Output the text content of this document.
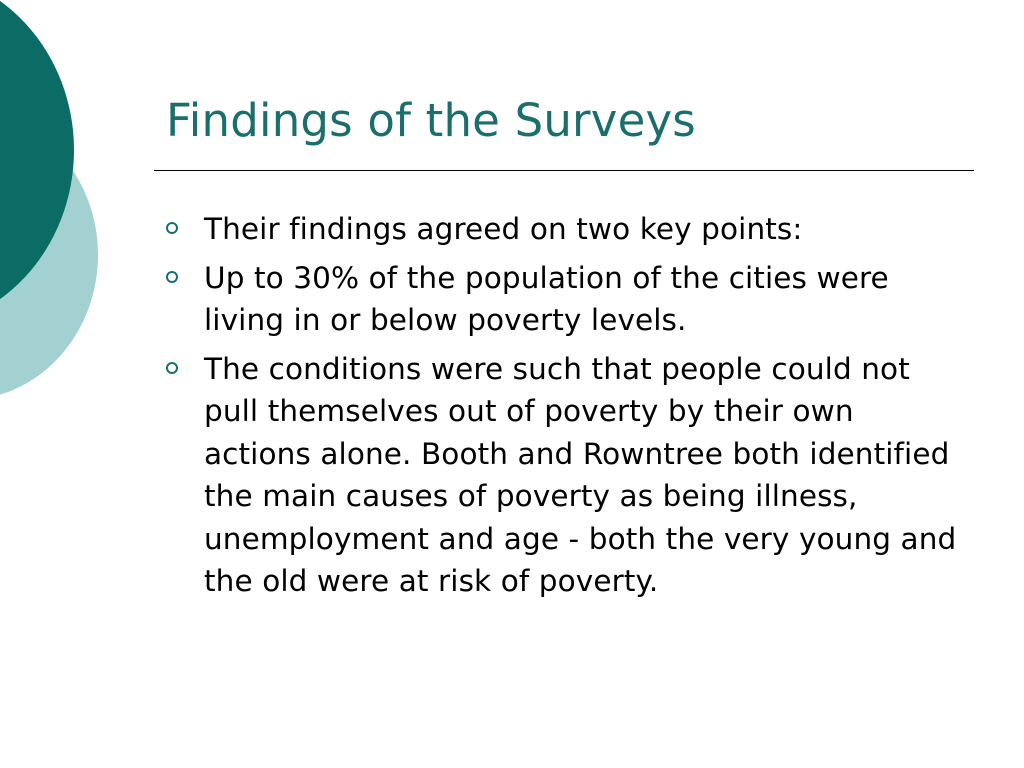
Findings of the Surveys
Their findings agreed on two key points:
Up to 30% of the population of the cities were living in or below poverty levels.
The conditions were such that people could not pull themselves out of poverty by their own actions alone. Booth and Rowntree both identified the main causes of poverty as being illness, unemployment and age - both the very young and the old were at risk of poverty.
